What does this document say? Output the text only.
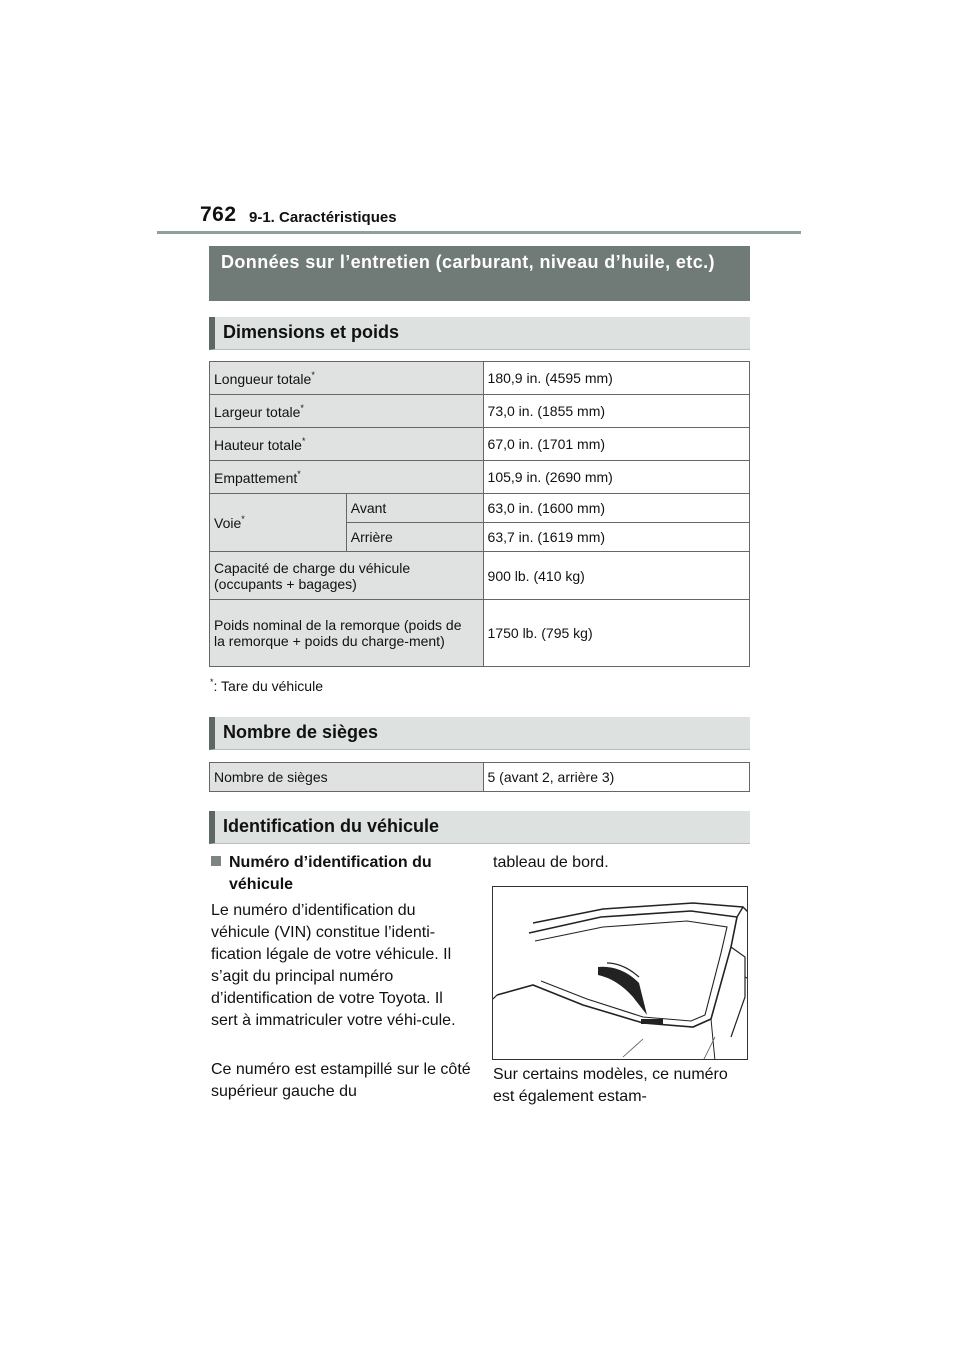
762 9-1. Caractéristiques
Données sur l’entretien (carburant, niveau d’huile, etc.)
Dimensions et poids
Longueur totale*		180,9 in. (4595 mm)
Largeur totale*		73,0 in. (1855 mm)
Hauteur totale*		67,0 in. (1701 mm)
Empattement*		105,9 in. (2690 mm)
Voie*	Avant	63,0 in. (1600 mm)
	Arrière	63,7 in. (1619 mm)
Capacité de charge du véhicule (occupants + bagages)		900 lb. (410 kg)
Poids nominal de la remorque (poids de la remorque + poids du charge-ment)		1750 lb. (795 kg)
*: Tare du véhicule
Nombre de sièges
Nombre de sièges	5 (avant 2, arrière 3)
Identification du véhicule
Numéro d’identification du véhicule
Le numéro d’identification du véhicule (VIN) constitue l’identi-fication légale de votre véhicule. Il s’agit du principal numéro d’identification de votre Toyota. Il sert à immatriculer votre véhi-cule.
Ce numéro est estampillé sur le côté supérieur gauche du
tableau de bord.
Sur certains modèles, ce numéro est également estam-
